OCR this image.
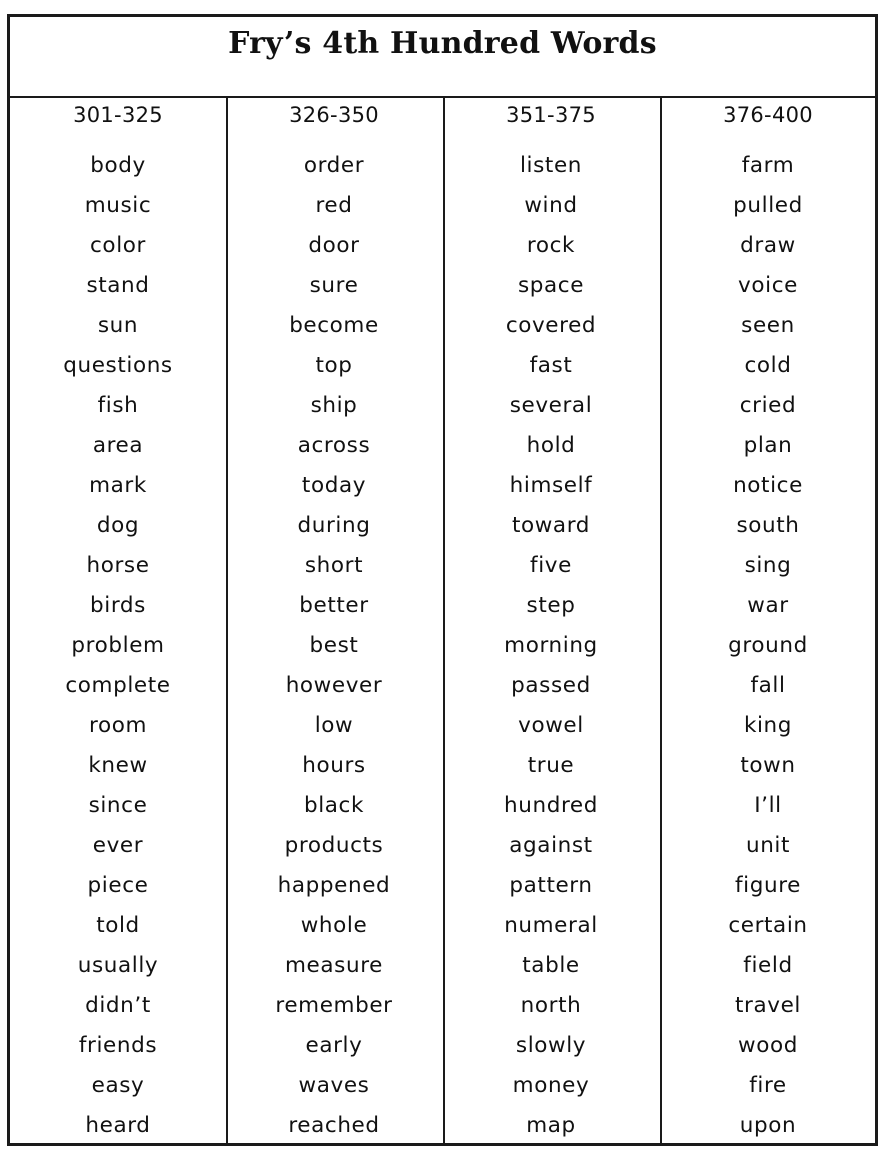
Fry’s 4th Hundred Words
301-325
body
music
color
stand
sun
questions
fish
area
mark
dog
horse
birds
problem
complete
room
knew
since
ever
piece
told
usually
didn’t
friends
easy
heard
326-350
order
red
door
sure
become
top
ship
across
today
during
short
better
best
however
low
hours
black
products
happened
whole
measure
remember
early
waves
reached
351-375
listen
wind
rock
space
covered
fast
several
hold
himself
toward
five
step
morning
passed
vowel
true
hundred
against
pattern
numeral
table
north
slowly
money
map
376-400
farm
pulled
draw
voice
seen
cold
cried
plan
notice
south
sing
war
ground
fall
king
town
I’ll
unit
figure
certain
field
travel
wood
fire
upon
